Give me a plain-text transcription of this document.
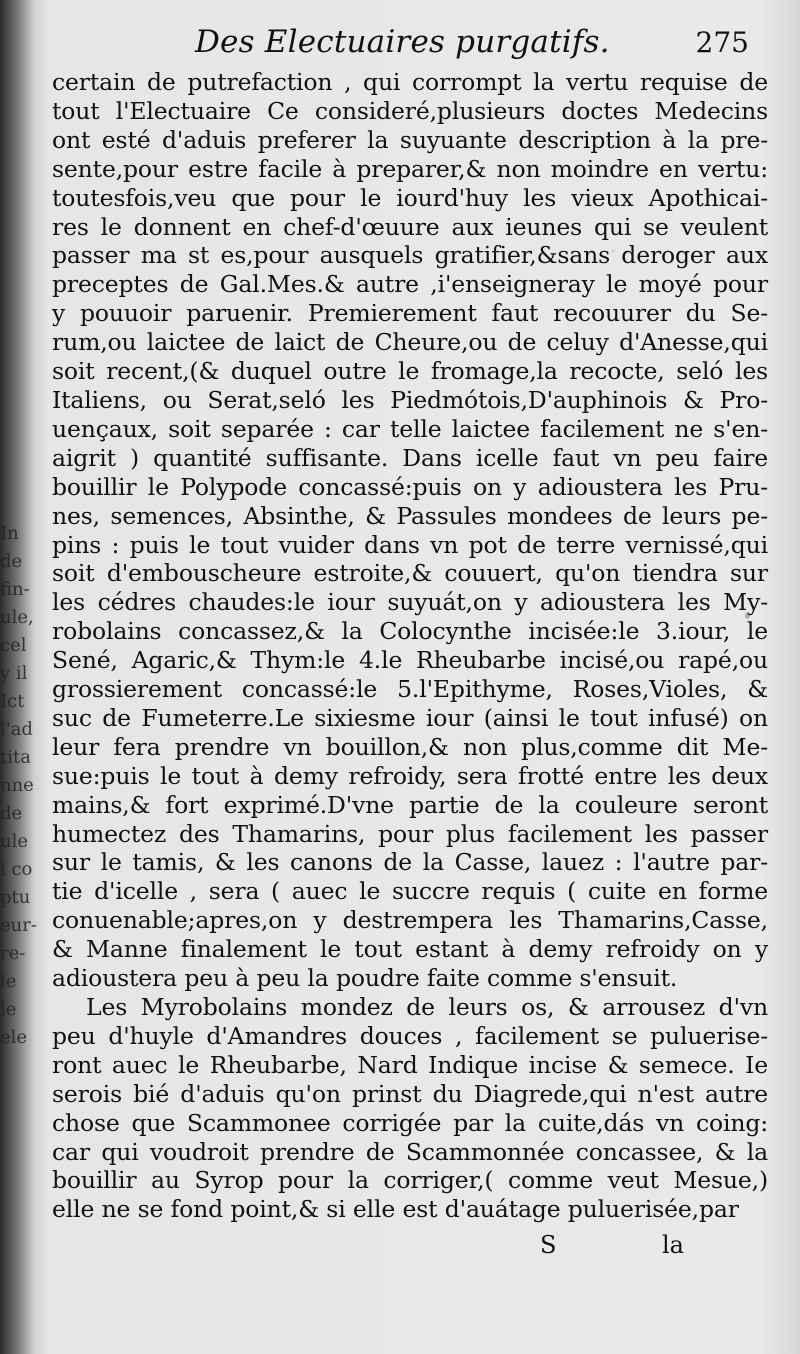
In
de
fin-
ule,
cel
y il
Ict
l'ad
tita
nne
de
ule
l co
ptu
eur-
re-
le
le
ele
Des Electuaires purgatifs.	275
certain de putrefaction , qui corrompt la vertu requise de
tout l'Electuaire Ce consideré,plusieurs doctes Medecins
ont esté d'aduis preferer la suyuante description à la pre-
sente,pour estre facile à preparer,& non moindre en vertu:
toutesfois,veu que pour le iourd'huy les vieux Apothicai-
res le donnent en chef-d'œuure aux ieunes qui se veulent
passer ma st es,pour ausquels gratifier,&sans deroger aux
preceptes de Gal.Mes.& autre ,i'enseigneray le moyé pour
y pouuoir paruenir. Premierement faut recouurer du Se-
rum,ou laictee de laict de Cheure,ou de celuy d'Anesse,qui
soit recent,(& duquel outre le fromage,la recocte, seló les
Italiens, ou Serat,seló les Piedmótois,D'auphinois & Pro-
uençaux, soit separée : car telle laictee facilement ne s'en-
aigrit ) quantité suffisante. Dans icelle faut vn peu faire
bouillir le Polypode concassé:puis on y adioustera les Pru-
nes, semences, Absinthe, & Passules mondees de leurs pe-
pins : puis le tout vuider dans vn pot de terre vernissé,qui
soit d'embouscheure estroite,& couuert, qu'on tiendra sur
les cédres chaudes:le iour suyuát,on y adioustera les My-
robolains concassez,& la Colocynthe incisée:le 3.iour, le
Sené, Agaric,& Thym:le 4.le Rheubarbe incisé,ou rapé,ou
grossierement concassé:le 5.l'Epithyme, Roses,Violes, &
suc de Fumeterre.Le sixiesme iour (ainsi le tout infusé) on
leur fera prendre vn bouillon,& non plus,comme dit Me-
sue:puis le tout à demy refroidy, sera frotté entre les deux
mains,& fort exprimé.D'vne partie de la couleure seront
humectez des Thamarins, pour plus facilement les passer
sur le tamis, & les canons de la Casse, lauez : l'autre par-
tie d'icelle , sera ( auec le succre requis ( cuite en forme
conuenable;apres,on y destrempera les Thamarins,Casse,
& Manne finalement le tout estant à demy refroidy on y
adioustera peu à peu la poudre faite comme s'ensuit.
Les Myrobolains mondez de leurs os, & arrousez d'vn
peu d'huyle d'Amandres douces , facilement se puluerise-
ront auec le Rheubarbe, Nard Indique incise & semece. Ie
serois bié d'aduis qu'on prinst du Diagrede,qui n'est autre
chose que Scammonee corrigée par la cuite,dás vn coing:
car qui voudroit prendre de Scammonnée concassee, & la
bouillir au Syrop pour la corriger,( comme veut Mesue,)
elle ne se fond point,& si elle est d'auátage puluerisée,par
S	la
